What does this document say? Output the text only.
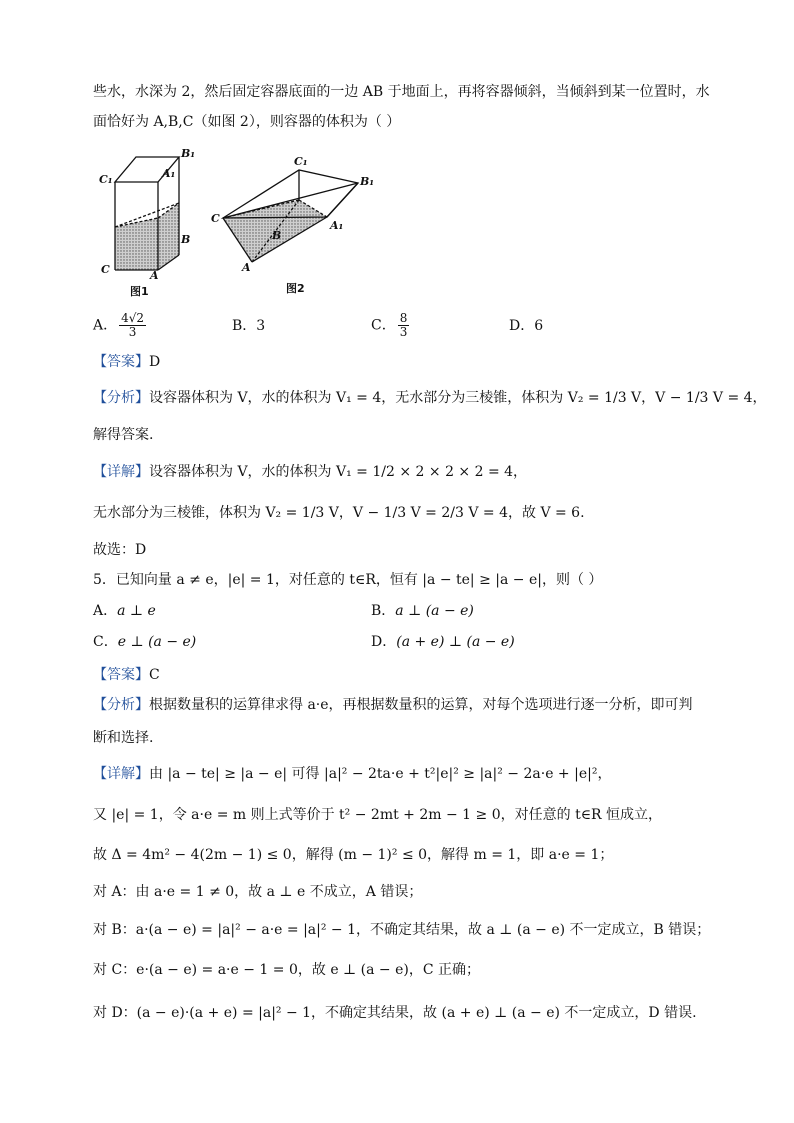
些水，水深为 2，然后固定容器底面的一边 AB 于地面上，再将容器倾斜，当倾斜到某一位置时，水
面恰好为 A,B,C（如图 2），则容器的体积为（ ）
B₁
C₁	A₁
B
C	A
图1
C₁
B₁
C
A₁
B
A
图2
A． $\frac{4√2}{3}$	B．3	C． $\frac{8}{3}$	D．6
【答案】D
【分析】设容器体积为 V，水的体积为 V₁ = 4，无水部分为三棱锥，体积为 V₂ = 1/3 V，V − 1/3 V = 4，
解得答案.
【详解】设容器体积为 V，水的体积为 V₁ = 1/2 × 2 × 2 × 2 = 4，
无水部分为三棱锥，体积为 V₂ = 1/3 V，V − 1/3 V = 2/3 V = 4，故 V = 6.
故选：D
5．已知向量 a ≠ e，|e| = 1，对任意的 t∈R，恒有 |a − te| ≥ |a − e|，则（ ）
A．a ⊥ e	B．a ⊥ (a − e)
C．e ⊥ (a − e)	D．(a + e) ⊥ (a − e)
【答案】C
【分析】根据数量积的运算律求得 a·e，再根据数量积的运算，对每个选项进行逐一分析，即可判
断和选择.
【详解】由 |a − te| ≥ |a − e| 可得 |a|² − 2ta·e + t²|e|² ≥ |a|² − 2a·e + |e|²，
又 |e| = 1，令 a·e = m 则上式等价于 t² − 2mt + 2m − 1 ≥ 0，对任意的 t∈R 恒成立，
故 Δ = 4m² − 4(2m − 1) ≤ 0，解得 (m − 1)² ≤ 0，解得 m = 1，即 a·e = 1；
对 A：由 a·e = 1 ≠ 0，故 a ⊥ e 不成立，A 错误；
对 B：a·(a − e) = |a|² − a·e = |a|² − 1，不确定其结果，故 a ⊥ (a − e) 不一定成立，B 错误；
对 C：e·(a − e) = a·e − 1 = 0，故 e ⊥ (a − e)，C 正确；
对 D：(a − e)·(a + e) = |a|² − 1，不确定其结果，故 (a + e) ⊥ (a − e) 不一定成立，D 错误.
